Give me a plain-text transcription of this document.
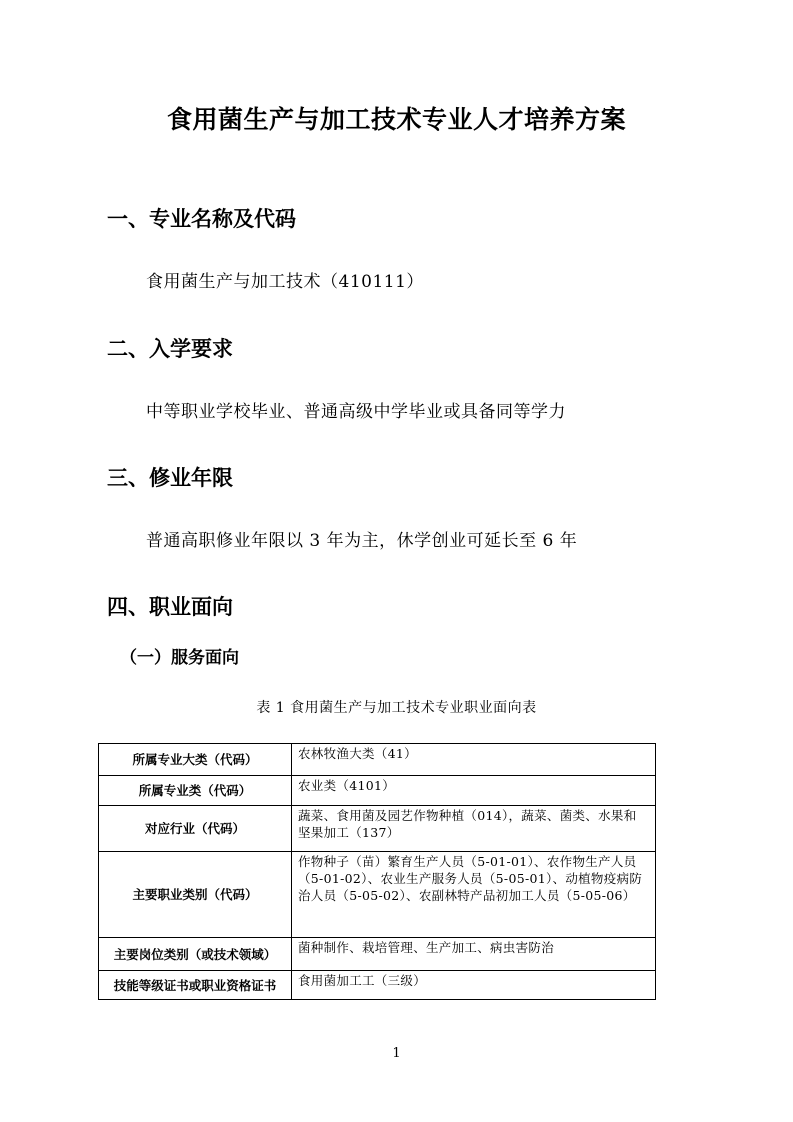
食用菌生产与加工技术专业人才培养方案
一、专业名称及代码
食用菌生产与加工技术（410111）
二、入学要求
中等职业学校毕业、普通高级中学毕业或具备同等学力
三、修业年限
普通高职修业年限以 3 年为主，休学创业可延长至 6 年
四、职业面向
（一）服务面向
表 1 食用菌生产与加工技术专业职业面向表
所属专业大类（代码）	农林牧渔大类（41）
所属专业类（代码）	农业类（4101）
对应行业（代码）	蔬菜、食用菌及园艺作物种植（014），蔬菜、菌类、水果和坚果加工（137）
主要职业类别（代码）	作物种子（苗）繁育生产人员（5-01-01）、农作物生产人员（5-01-02）、农业生产服务人员（5-05-01）、动植物疫病防治人员（5-05-02）、农副林特产品初加工人员（5-05-06）
主要岗位类别（或技术领域）	菌种制作、栽培管理、生产加工、病虫害防治
技能等级证书或职业资格证书	食用菌加工工（三级）
1
